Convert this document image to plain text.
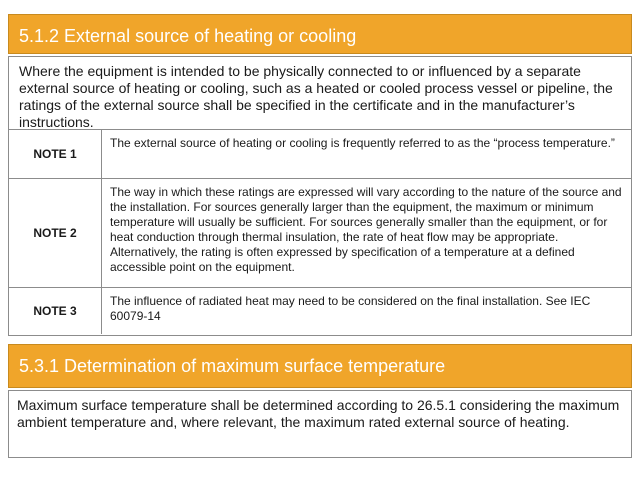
5.1.2 External source of heating or cooling
Where the equipment is intended to be physically connected to or influenced by a separate external source of heating or cooling, such as a heated or cooled process vessel or pipeline, the ratings of the external source shall be specified in the certificate and in the manufacturer’s instructions.
NOTE 1
The external source of heating or cooling is frequently referred to as the “process temperature.”
NOTE 2
The way in which these ratings are expressed will vary according to the nature of the source and the installation. For sources generally larger than the equipment, the maximum or minimum temperature will usually be sufficient. For sources generally smaller than the equipment, or for heat conduction through thermal insulation, the rate of heat flow may be appropriate. Alternatively, the rating is often expressed by specification of a temperature at a defined accessible point on the equipment.
NOTE 3
The influence of radiated heat may need to be considered on the final installation. See IEC 60079-14
5.3.1 Determination of maximum surface temperature
Maximum surface temperature shall be determined according to 26.5.1 considering the maximum ambient temperature and, where relevant, the maximum rated external source of heating.
